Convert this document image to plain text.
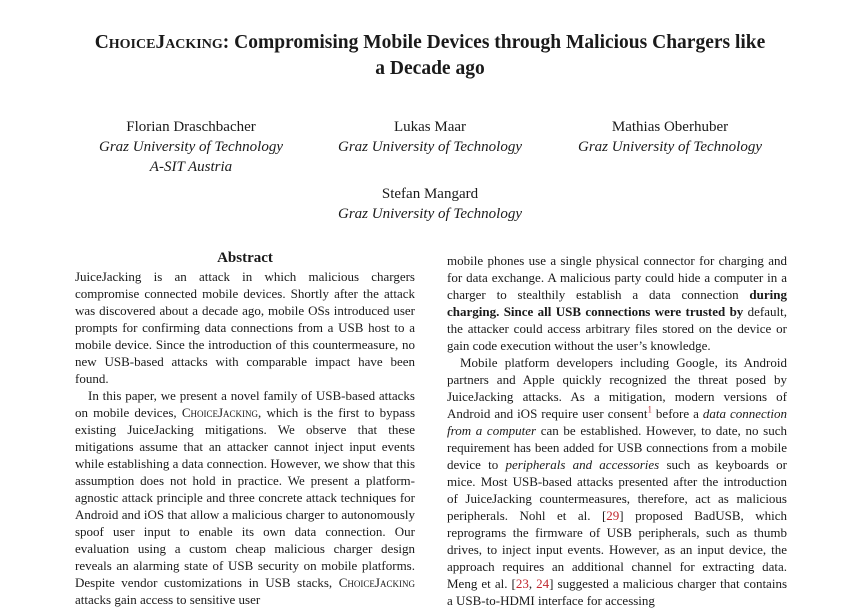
ChoiceJacking: Compromising Mobile Devices through Malicious Chargers like
a Decade ago
Florian Draschbacher
Graz University of Technology
A-SIT Austria
Lukas Maar
Graz University of Technology
Mathias Oberhuber
Graz University of Technology
Stefan Mangard
Graz University of Technology

Abstract

JuiceJacking is an attack in which malicious chargers compromise connected mobile devices. Shortly after the attack was discovered about a decade ago, mobile OSs introduced user prompts for confirming data connections from a USB host to a mobile device. Since the introduction of this countermeasure, no new USB-based attacks with comparable impact have been found.

In this paper, we present a novel family of USB-based attacks on mobile devices, ChoiceJacking, which is the first to bypass existing JuiceJacking mitigations. We observe that these mitigations assume that an attacker cannot inject input events while establishing a data connection. However, we show that this assumption does not hold in practice. We present a platform-agnostic attack principle and three concrete attack techniques for Android and iOS that allow a malicious charger to autonomously spoof user input to enable its own data connection. Our evaluation using a custom cheap malicious charger design reveals an alarming state of USB security on mobile platforms. Despite vendor customizations in USB stacks, ChoiceJacking attacks gain access to sensitive user

mobile phones use a single physical connector for charging and for data exchange. A malicious party could hide a computer in a charger to stealthily establish a data connection during charging. Since all USB connections were trusted by default, the attacker could access arbitrary files stored on the device or gain code execution without the user’s knowledge.

Mobile platform developers including Google, its Android partners and Apple quickly recognized the threat posed by JuiceJacking attacks. As a mitigation, modern versions of Android and iOS require user consent$^1$ before a data connection from a computer can be established. However, to date, no such requirement has been added for USB connections from a mobile device to peripherals and accessories such as keyboards or mice. Most USB-based attacks presented after the introduction of JuiceJacking countermeasures, therefore, act as malicious peripherals. Nohl et al. [29] proposed BadUSB, which reprograms the firmware of USB peripherals, such as thumb drives, to inject input events. However, as an input device, the approach requires an additional channel for extracting data. Meng et al. [23, 24] suggested a malicious charger that contains a USB-to-HDMI interface for accessing
